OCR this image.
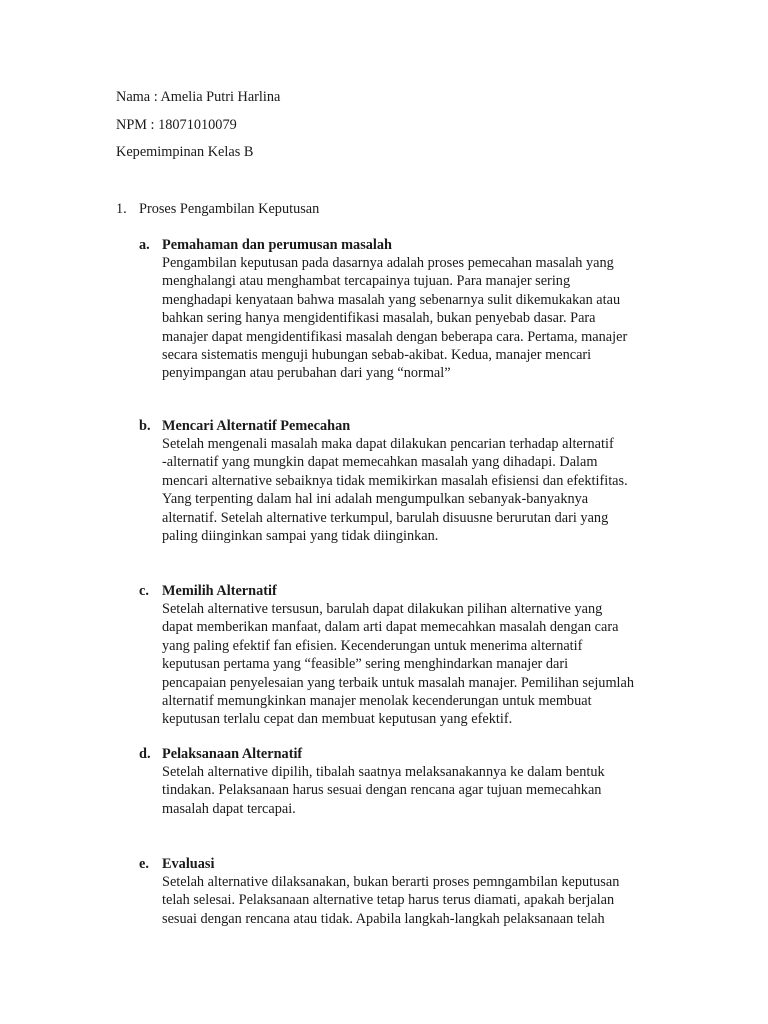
Nama : Amelia Putri Harlina
NPM : 18071010079
Kepemimpinan Kelas B
1. Proses Pengambilan Keputusan
a. Pemahaman dan perumusan masalah
Pengambilan keputusan pada dasarnya adalah proses pemecahan masalah yang
menghalangi atau menghambat tercapainya tujuan. Para manajer sering
menghadapi kenyataan bahwa masalah yang sebenarnya sulit dikemukakan atau
bahkan sering hanya mengidentifikasi masalah, bukan penyebab dasar. Para
manajer dapat mengidentifikasi masalah dengan beberapa cara. Pertama, manajer
secara sistematis menguji hubungan sebab-akibat. Kedua, manajer mencari
penyimpangan atau perubahan dari yang “normal”
b. Mencari Alternatif Pemecahan
Setelah mengenali masalah maka dapat dilakukan pencarian terhadap alternatif
-alternatif yang mungkin dapat memecahkan masalah yang dihadapi. Dalam
mencari alternative sebaiknya tidak memikirkan masalah efisiensi dan efektifitas.
Yang terpenting dalam hal ini adalah mengumpulkan sebanyak-banyaknya
alternatif. Setelah alternative terkumpul, barulah disuusne berurutan dari yang
paling diinginkan sampai yang tidak diinginkan.
c. Memilih Alternatif
Setelah alternative tersusun, barulah dapat dilakukan pilihan alternative yang
dapat memberikan manfaat, dalam arti dapat memecahkan masalah dengan cara
yang paling efektif fan efisien. Kecenderungan untuk menerima alternatif
keputusan pertama yang “feasible” sering menghindarkan manajer dari
pencapaian penyelesaian yang terbaik untuk masalah manajer. Pemilihan sejumlah
alternatif memungkinkan manajer menolak kecenderungan untuk membuat
keputusan terlalu cepat dan membuat keputusan yang efektif.
d. Pelaksanaan Alternatif
Setelah alternative dipilih, tibalah saatnya melaksanakannya ke dalam bentuk
tindakan. Pelaksanaan harus sesuai dengan rencana agar tujuan memecahkan
masalah dapat tercapai.
e. Evaluasi
Setelah alternative dilaksanakan, bukan berarti proses pemngambilan keputusan
telah selesai. Pelaksanaan alternative tetap harus terus diamati, apakah berjalan
sesuai dengan rencana atau tidak. Apabila langkah-langkah pelaksanaan telah
